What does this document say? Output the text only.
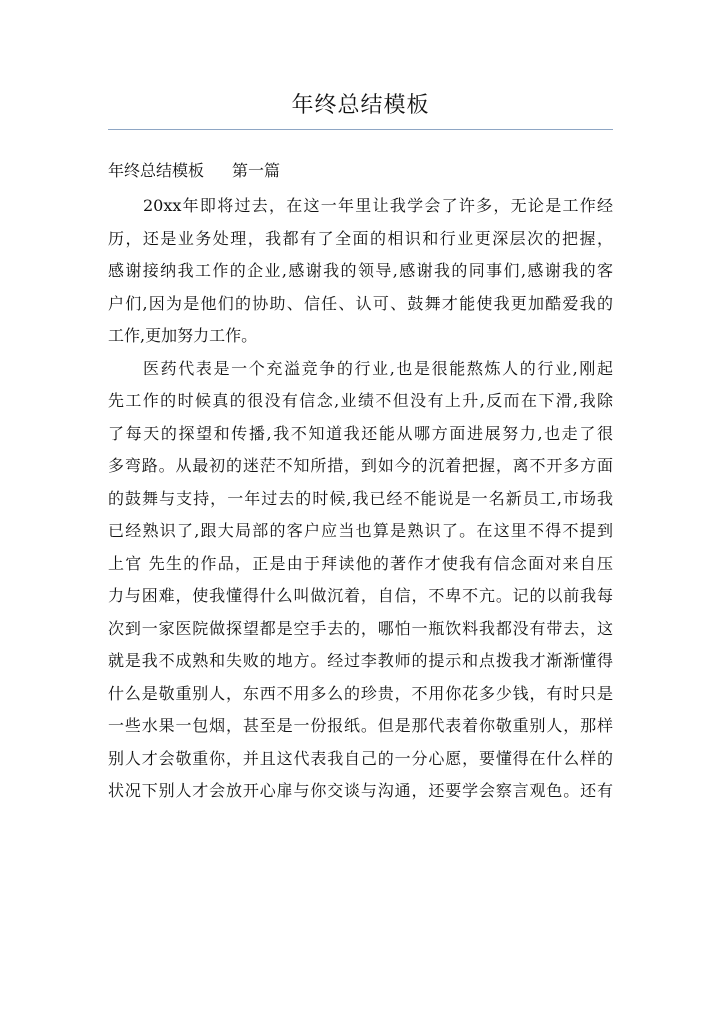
年终总结模板
年终总结模板 第一篇
20xx年即将过去，在这一年里让我学会了许多，无论是工作经
历，还是业务处理，我都有了全面的相识和行业更深层次的把握，
感谢接纳我工作的企业,感谢我的领导,感谢我的同事们,感谢我的客
户们,因为是他们的协助、信任、认可、鼓舞才能使我更加酷爱我的
工作,更加努力工作。
医药代表是一个充溢竞争的行业,也是很能熬炼人的行业,刚起
先工作的时候真的很没有信念,业绩不但没有上升,反而在下滑,我除
了每天的探望和传播,我不知道我还能从哪方面进展努力,也走了很
多弯路。从最初的迷茫不知所措，到如今的沉着把握，离不开多方面
的鼓舞与支持，一年过去的时候,我已经不能说是一名新员工,市场我
已经熟识了,跟大局部的客户应当也算是熟识了。在这里不得不提到
上官 先生的作品，正是由于拜读他的著作才使我有信念面对来自压
力与困难，使我懂得什么叫做沉着，自信，不卑不亢。记的以前我每
次到一家医院做探望都是空手去的，哪怕一瓶饮料我都没有带去，这
就是我不成熟和失败的地方。经过李教师的提示和点拨我才渐渐懂得
什么是敬重别人，东西不用多么的珍贵，不用你花多少钱，有时只是
一些水果一包烟，甚至是一份报纸。但是那代表着你敬重别人，那样
别人才会敬重你，并且这代表我自己的一分心愿，要懂得在什么样的
状况下别人才会放开心扉与你交谈与沟通，还要学会察言观色。还有
